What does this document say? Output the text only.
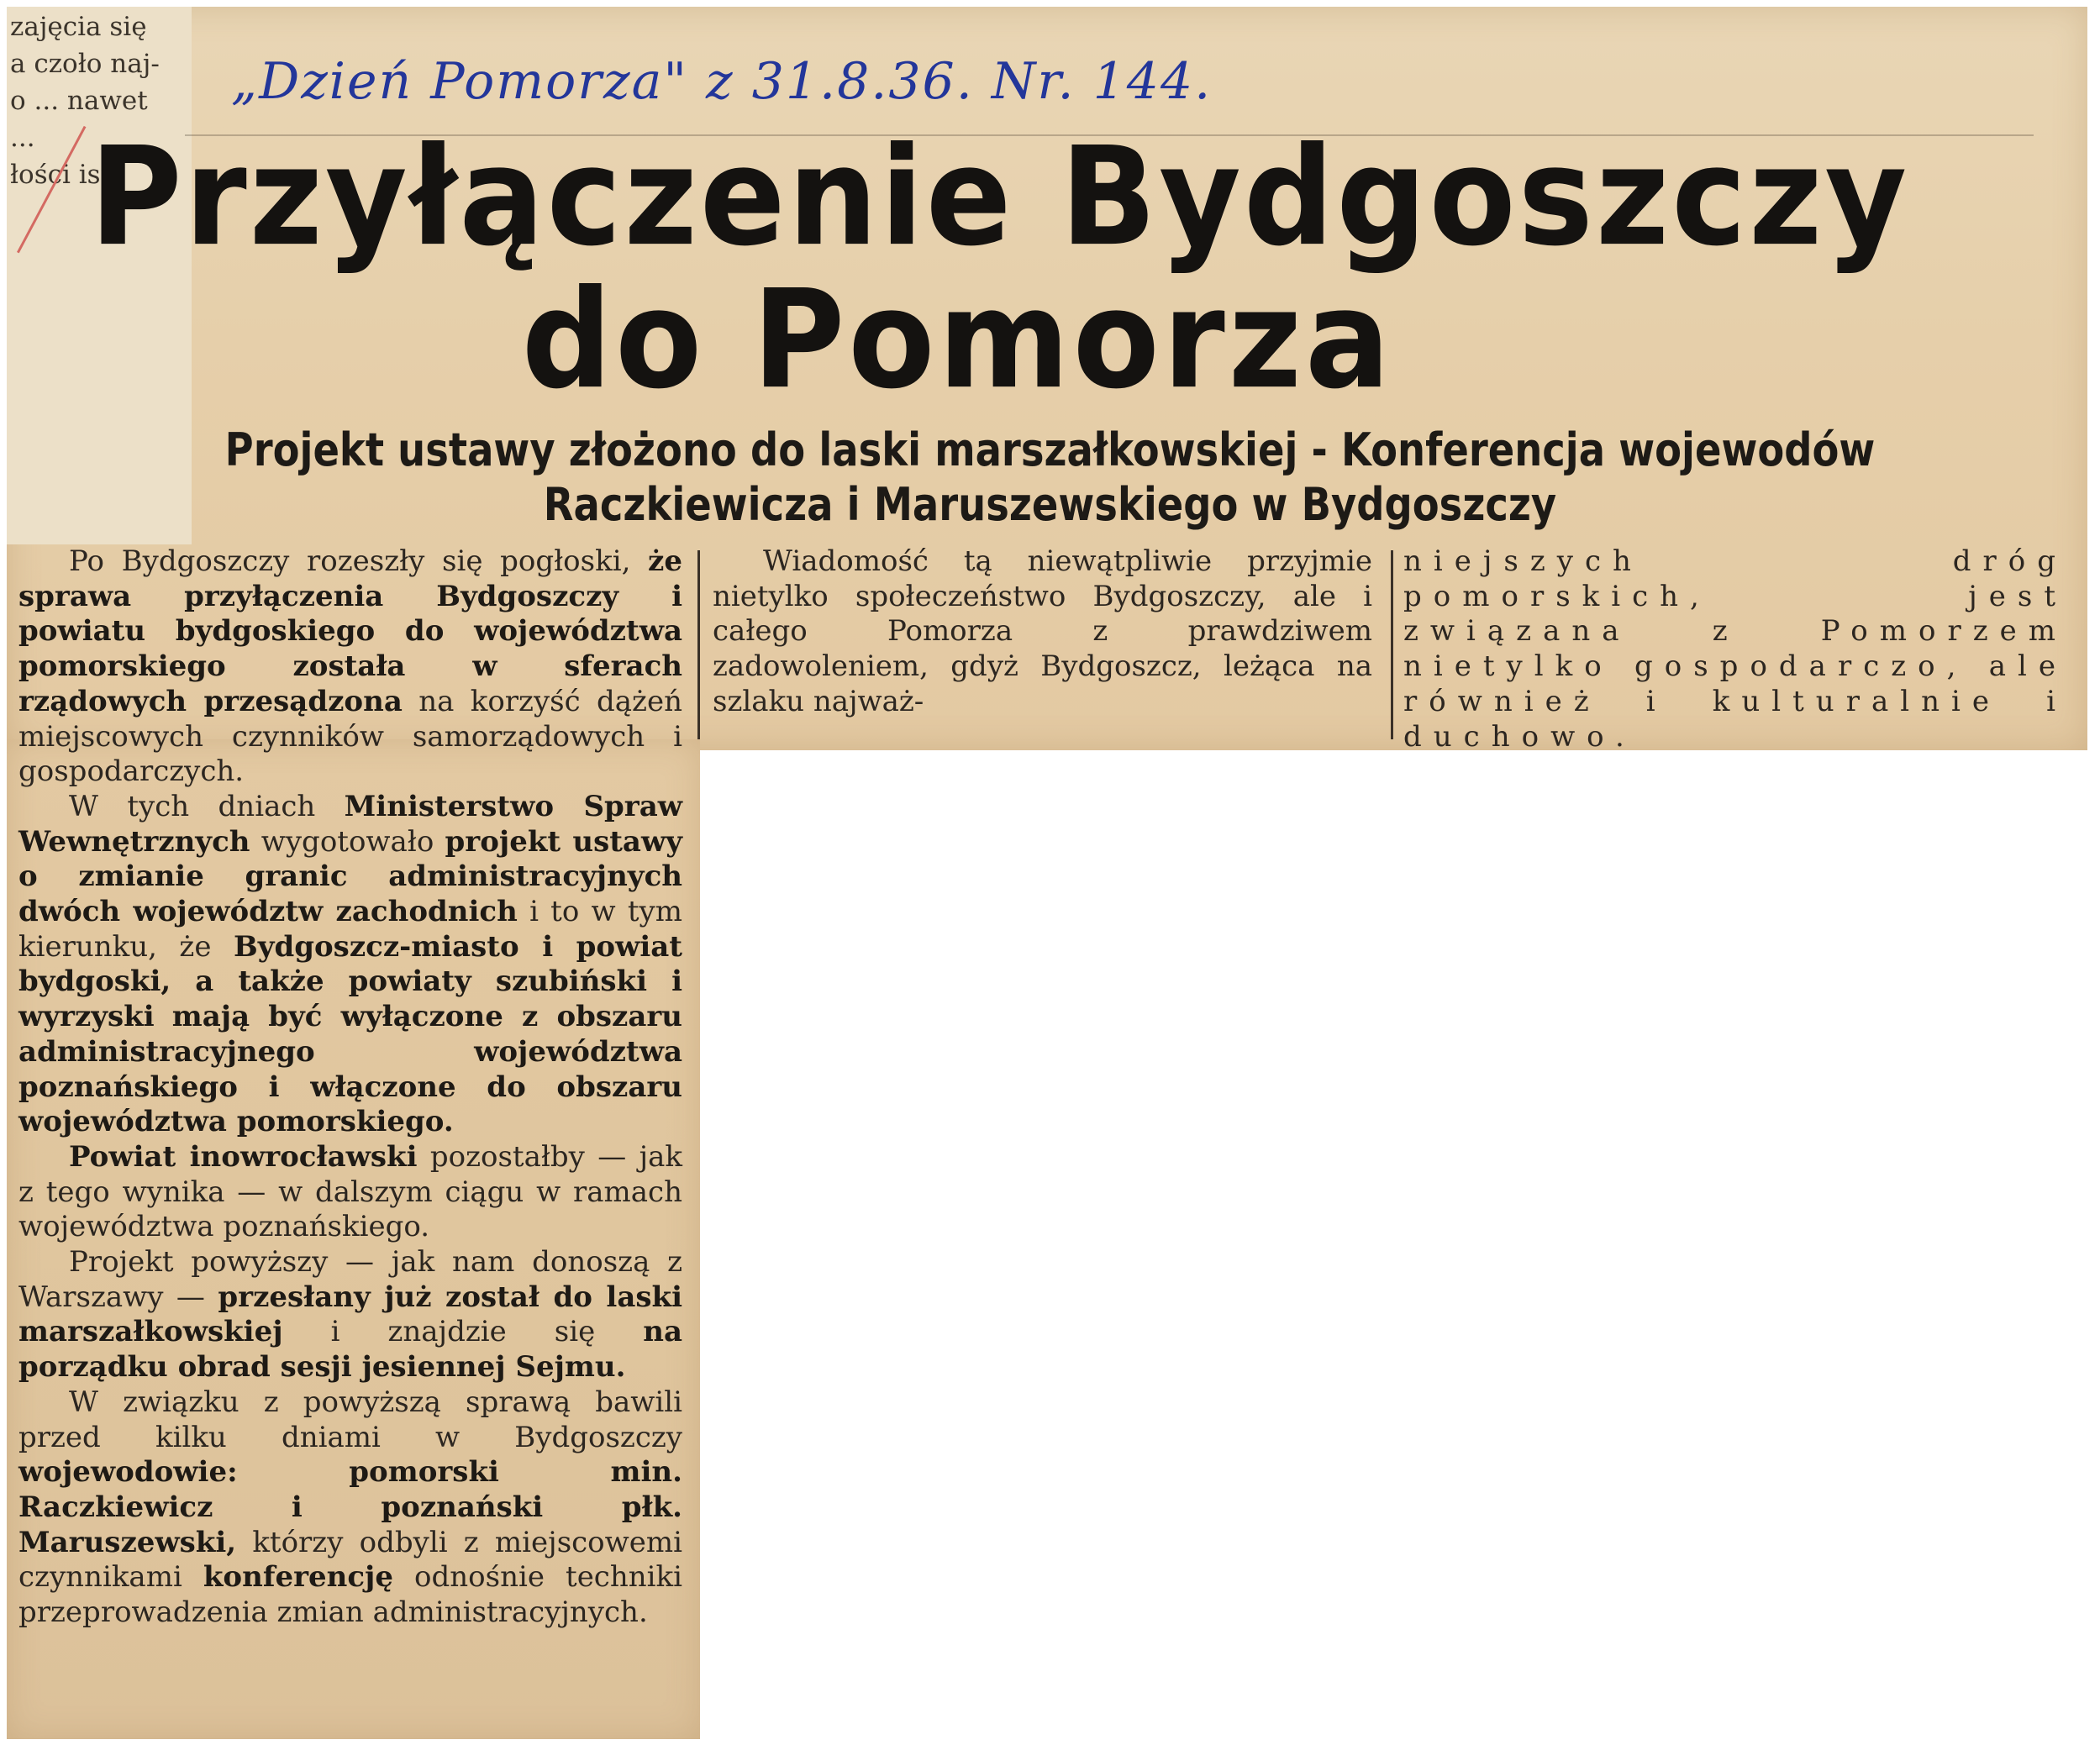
zajęcia się
a czoło naj-
o ... nawet
...
łości ist-
„Dzień Pomorza" z 31.8.36. Nr. 144.
Przyłączenie Bydgoszczy
do Pomorza
Projekt ustawy złożono do laski marszałkowskiej - Konferencja wojewodów
Raczkiewicza i Maruszewskiego w Bydgoszczy

Po Bydgoszczy rozeszły się pogłoski, że sprawa przyłączenia Bydgoszczy i powiatu bydgoskiego do województwa pomorskiego została w sferach rządowych przesądzona na korzyść dążeń miejscowych czynników samorządowych i gospodarczych.

W tych dniach Ministerstwo Spraw Wewnętrznych wygotowało projekt ustawy o zmianie granic administracyjnych dwóch województw zachodnich i to w tym kierunku, że Bydgoszcz-miasto i powiat bydgoski, a także powiaty szubiński i wyrzyski mają być wyłączone z obszaru administracyjnego województwa poznańskiego i włączone do obszaru województwa pomorskiego.

Powiat inowrocławski pozostałby — jak z tego wynika — w dalszym ciągu w ramach województwa poznańskiego.

Projekt powyższy — jak nam donoszą z Warszawy — przesłany już został do laski marszałkowskiej i znajdzie się na porządku obrad sesji jesiennej Sejmu.

W związku z powyższą sprawą bawili przed kilku dniami w Bydgoszczy wojewodowie: pomorski min. Raczkiewicz i poznański płk. Maruszewski, którzy odbyli z miejscowemi czynnikami konferencję odnośnie techniki przeprowadzenia zmian administracyjnych.

Wiadomość tą niewątpliwie przyjmie nietylko społeczeństwo Bydgoszczy, ale i całego Pomorza z prawdziwem zadowoleniem, gdyż Bydgoszcz, leżąca na szlaku najważ-

niejszych dróg pomorskich, jest związana z Pomorzem nietylko gospodarczo, ale również i kulturalnie i duchowo.
